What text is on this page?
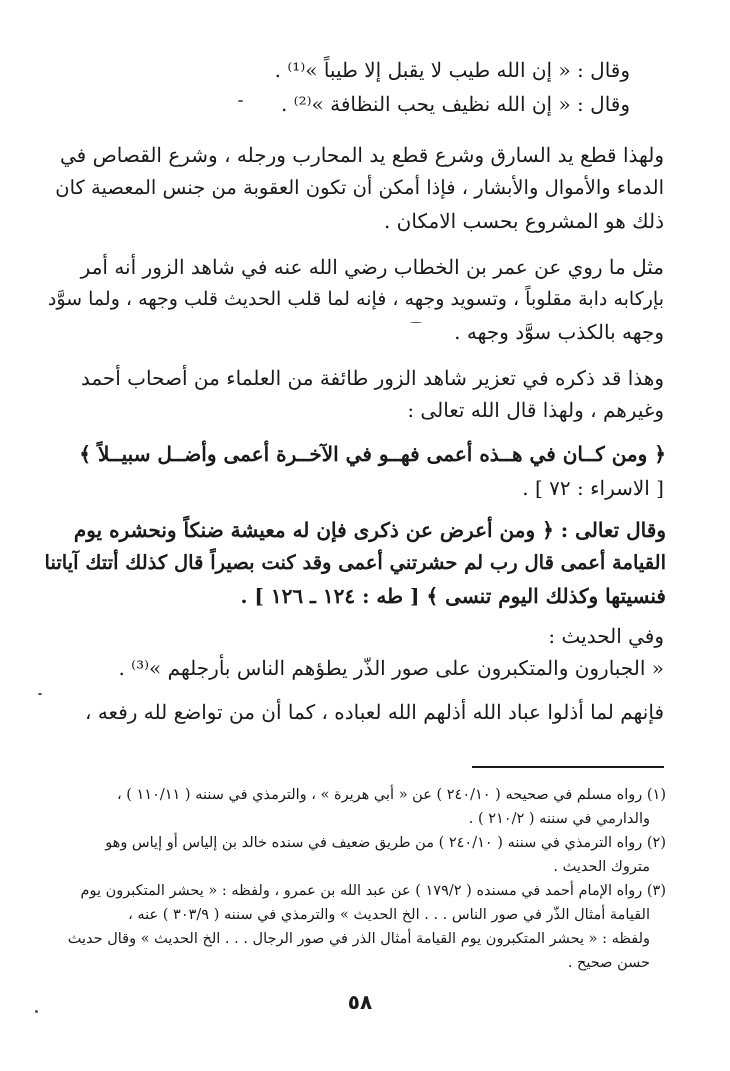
وقال : « إن الله طيب لا يقبل إلا طيباً »⁽¹⁾ .
وقال : « إن الله نظيف يحب النظافة »⁽²⁾ .
ولهذا قطع يد السارق وشرع قطع يد المحارب ورجله ، وشرع القصاص في
الدماء والأموال والأبشار ، فإذا أمكن أن تكون العقوبة من جنس المعصية كان
ذلك هو المشروع بحسب الامكان .
مثل ما روي عن عمر بن الخطاب رضي الله عنه في شاهد الزور أنه أمر
بإركابه دابة مقلوباً ، وتسويد وجهه ، فإنه لما قلب الحديث قلب وجهه ، ولما سوَّد
وجهه بالكذب سوَّد وجهه .
وهذا قد ذكره في تعزير شاهد الزور طائفة من العلماء من أصحاب أحمد
وغيرهم ، ولهذا قال الله تعالى :
﴿ ومن كــان في هــذه أعمى فهــو في الآخــرة أعمى وأضــل سبيــلاً ﴾
[ الاسراء : ٧٢ ] .
وقال تعالى : ﴿ ومن أعرض عن ذكرى فإن له معيشة ضنكاً ونحشره يوم
القيامة أعمى قال رب لم حشرتني أعمى وقد كنت بصيراً قال كذلك أتتك آياتنا
فنسيتها وكذلك اليوم تنسى ﴾ [ طه : ١٢٤ ـ ١٢٦ ] .
وفي الحديث :
« الجبارون والمتكبرون على صور الذّر يطؤهم الناس بأرجلهم »⁽³⁾ .
فإنهم لما أذلوا عباد الله أذلهم الله لعباده ، كما أن من تواضع لله رفعه ،
(١) رواه مسلم في صحيحه ( ٢٤٠/١٠ ) عن « أبي هريرة » ، والترمذي في سننه ( ١١٠/١١ ) ،
والدارمي في سننه ( ٢١٠/٢ ) .
(٢) رواه الترمذي في سننه ( ٢٤٠/١٠ ) من طريق ضعيف في سنده خالد بن إلياس أو إياس وهو
متروك الحديث .
(٣) رواه الإمام أحمد في مسنده ( ١٧٩/٢ ) عن عبد الله بن عمرو ، ولفظه : « يحشر المتكبرون يوم
القيامة أمثال الذّر في صور الناس . . . الخ الحديث » والترمذي في سننه ( ٣٠٣/٩ ) عنه ،
ولفظه : « يحشر المتكبرون يوم القيامة أمثال الذر في صور الرجال . . . الخ الحديث » وقال حديث
حسن صحيح .
٥٨
